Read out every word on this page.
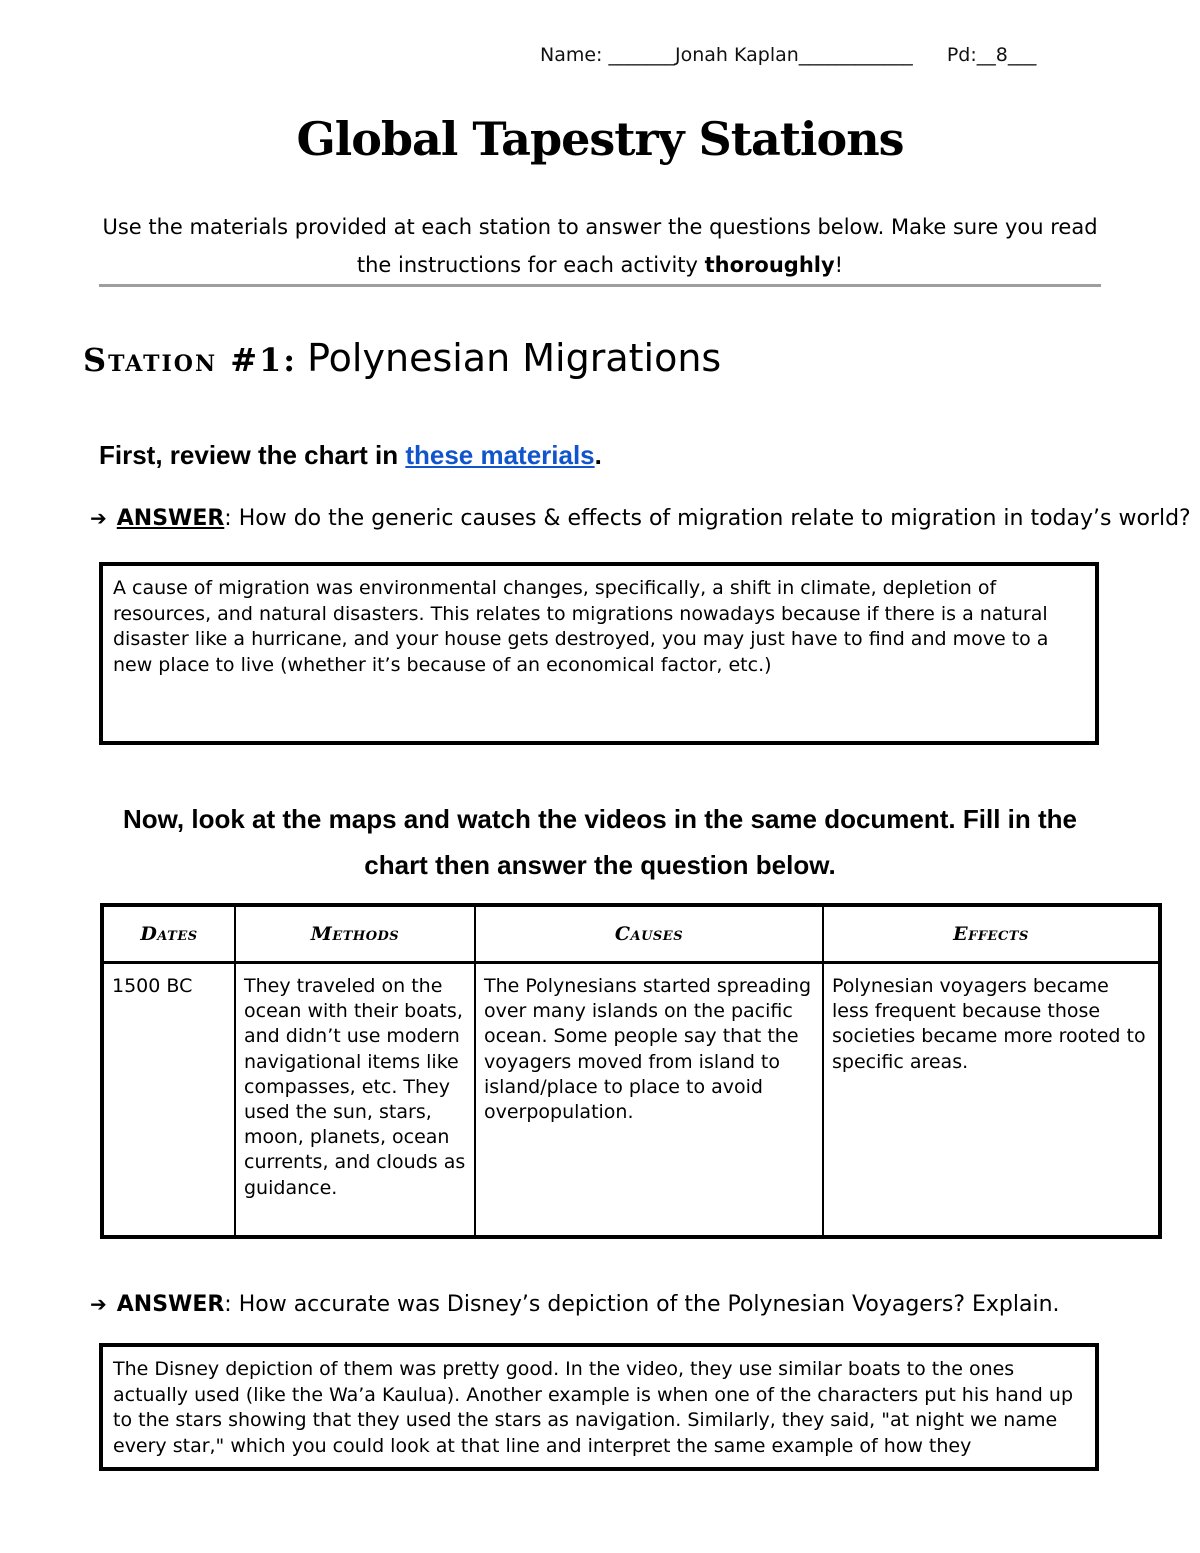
Name: _______Jonah Kaplan____________ Pd:__8___
Global Tapestry Stations
Use the materials provided at each station to answer the questions below. Make sure you read the instructions for each activity thoroughly!
Station #1: Polynesian Migrations
First, review the chart in these materials.
➔ ANSWER: How do the generic causes & effects of migration relate to migration in today’s world?
A cause of migration was environmental changes, specifically, a shift in climate, depletion of resources, and natural disasters. This relates to migrations nowadays because if there is a natural disaster like a hurricane, and your house gets destroyed, you may just have to find and move to a new place to live (whether it’s because of an economical factor, etc.)
Now, look at the maps and watch the videos in the same document. Fill in the chart then answer the question below.
Dates	Methods	Causes	Effects
1500 BC	They traveled on the ocean with their boats, and didn’t use modern navigational items like compasses, etc. They used the sun, stars, moon, planets, ocean currents, and clouds as guidance.	The Polynesians started spreading over many islands on the pacific ocean. Some people say that the voyagers moved from island to island/place to place to avoid overpopulation.	Polynesian voyagers became less frequent because those societies became more rooted to specific areas.
➔ ANSWER: How accurate was Disney’s depiction of the Polynesian Voyagers? Explain.
The Disney depiction of them was pretty good. In the video, they use similar boats to the ones actually used (like the Wa’a Kaulua). Another example is when one of the characters put his hand up to the stars showing that they used the stars as navigation. Similarly, they said, "at night we name every star," which you could look at that line and interpret the same example of how they
